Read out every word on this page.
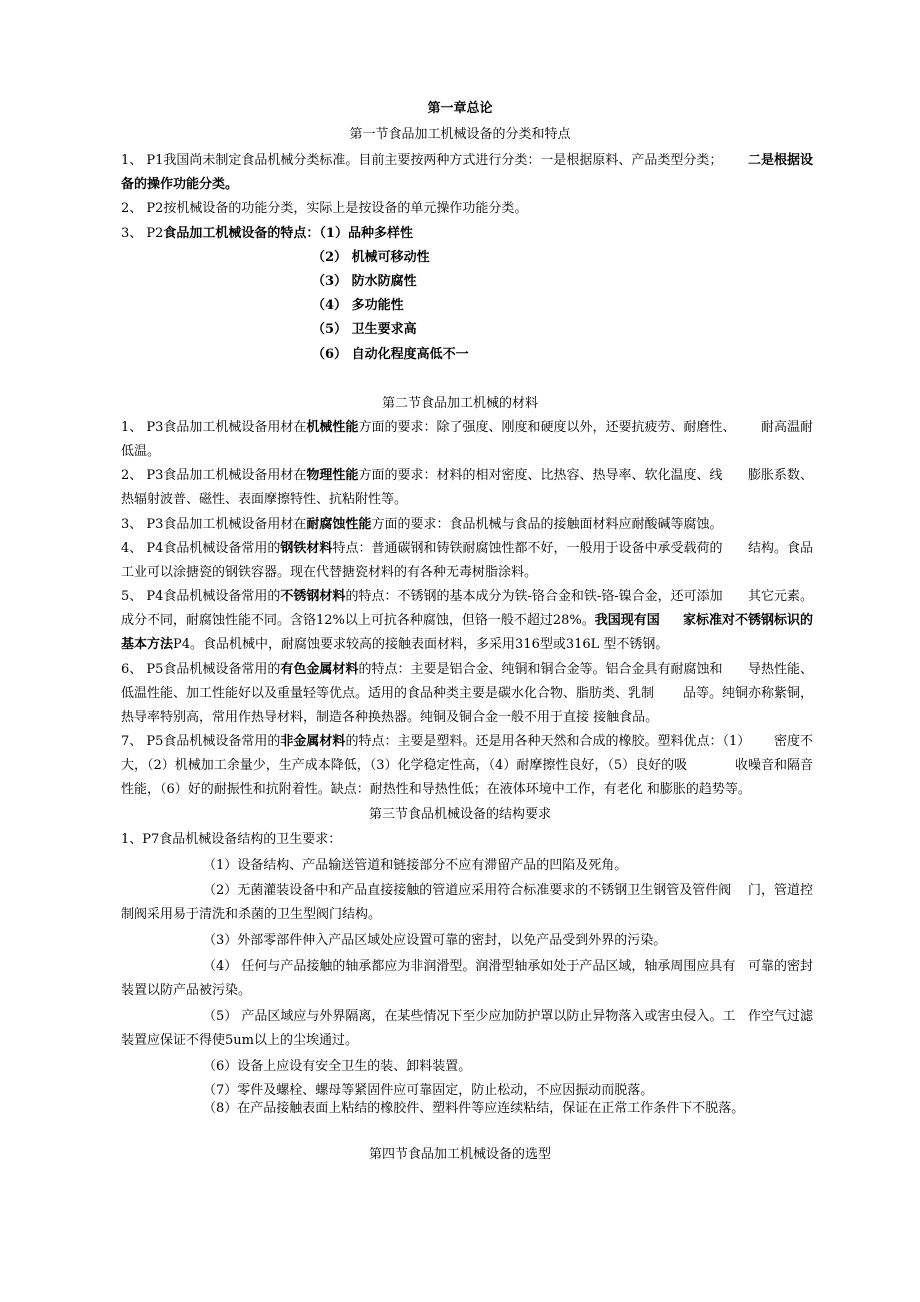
第一章总论
第一节食品加工机械设备的分类和特点
1、 P1我国尚未制定食品机械分类标准。目前主要按两种方式进行分类：一是根据原料、产品类型分类； 二是根据设
备的操作功能分类。
2、 P2按机械设备的功能分类，实际上是按设备的单元操作功能分类。
3、 P2食品加工机械设备的特点：（1）品种多样性
（2） 机械可移动性
（3） 防水防腐性
（4） 多功能性
（5） 卫生要求高
（6） 自动化程度高低不一
第二节食品加工机械的材料
1、 P3食品加工机械设备用材在机械性能方面的要求：除了强度、刚度和硬度以外，还要抗疲劳、耐磨性、 耐高温耐
低温。
2、 P3食品加工机械设备用材在物理性能方面的要求：材料的相对密度、比热容、热导率、软化温度、线 膨胀系数、
热辐射波普、磁性、表面摩擦特性、抗粘附性等。
3、 P3食品加工机械设备用材在耐腐蚀性能方面的要求：食品机械与食品的接触面材料应耐酸碱等腐蚀。
4、 P4食品机械设备常用的钢铁材料特点：普通碳钢和铸铁耐腐蚀性都不好，一般用于设备中承受载荷的 结构。食品
工业可以涂搪瓷的钢铁容器。现在代替搪瓷材料的有各种无毒树脂涂料。
5、 P4食品机械设备常用的不锈钢材料的特点：不锈钢的基本成分为铁-铬合金和铁-铬-镍合金，还可添加 其它元素。
成分不同，耐腐蚀性能不同。含铬12%以上可抗各种腐蚀，但铬一般不超过28%。我国现有国 家标准对不锈钢标识的
基本方法P4。食品机械中，耐腐蚀要求较高的接触表面材料，多采用316型或316L 型不锈钢。
6、 P5食品机械设备常用的有色金属材料的特点：主要是铝合金、纯铜和铜合金等。铝合金具有耐腐蚀和 导热性能、
低温性能、加工性能好以及重量轻等优点。适用的食品种类主要是碳水化合物、脂肪类、乳制 品等。纯铜亦称紫铜，
热导率特别高，常用作热导材料，制造各种换热器。纯铜及铜合金一般不用于直接 接触食品。
7、 P5食品机械设备常用的非金属材料的特点：主要是塑料。还是用各种天然和合成的橡胶。塑料优点：（1） 密度不
大，（2）机械加工余量少，生产成本降低，（3）化学稳定性高，（4）耐摩擦性良好，（5）良好的吸	收噪音和隔音
性能，（6）好的耐振性和抗附着性。缺点：耐热性和导热性低；在液体环境中工作，有老化 和膨胀的趋势等。
第三节食品机械设备的结构要求
1、P7食品机械设备结构的卫生要求：
（1）设备结构、产品输送管道和链接部分不应有滞留产品的凹陷及死角。
（2）无菌灌装设备中和产品直接接触的管道应采用符合标准要求的不锈钢卫生钢管及管件阀 门，管道控
制阀采用易于清洗和杀菌的卫生型阀门结构。
（3）外部零部件伸入产品区域处应设置可靠的密封，以免产品受到外界的污染。
（4） 任何与产品接触的轴承都应为非润滑型。润滑型轴承如处于产品区域，轴承周围应具有 可靠的密封
装置以防产品被污染。
（5） 产品区域应与外界隔离，在某些情况下至少应加防护罩以防止异物落入或害虫侵入。工 作空气过滤
装置应保证不得使5um以上的尘埃通过。
（6）设备上应设有安全卫生的装、卸料装置。
（7）零件及螺栓、螺母等紧固件应可靠固定，防止松动，不应因振动而脱落。
（8）在产品接触表面上粘结的橡胶件、塑料件等应连续粘结，保证在正常工作条件下不脱落。
第四节食品加工机械设备的选型
